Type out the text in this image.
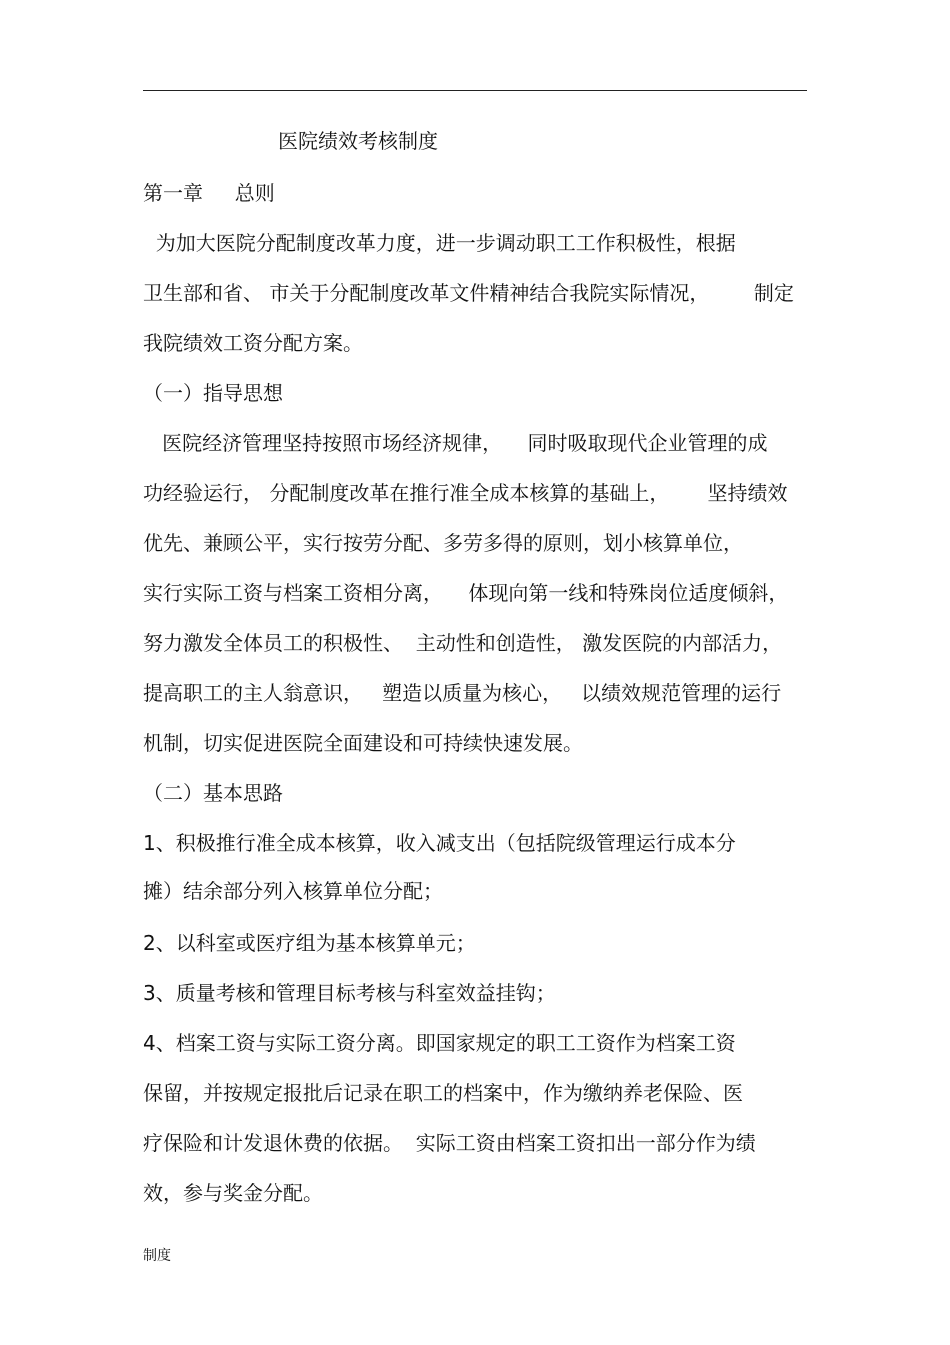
医院绩效考核制度
第一章     总则
为加大医院分配制度改革力度，进一步调动职工工作积极性，根据
卫生部和省、 市关于分配制度改革文件精神结合我院实际情况，       制定
我院绩效工资分配方案。
（一）指导思想
医院经济管理坚持按照市场经济规律，    同时吸取现代企业管理的成
功经验运行， 分配制度改革在推行准全成本核算的基础上，      坚持绩效
优先、兼顾公平，实行按劳分配、多劳多得的原则，划小核算单位，
实行实际工资与档案工资相分离，    体现向第一线和特殊岗位适度倾斜，
努力激发全体员工的积极性、  主动性和创造性， 激发医院的内部活力，
提高职工的主人翁意识，   塑造以质量为核心，   以绩效规范管理的运行
机制，切实促进医院全面建设和可持续快速发展。
（二）基本思路
1、积极推行准全成本核算，收入减支出（包括院级管理运行成本分
摊）结余部分列入核算单位分配；
2、以科室或医疗组为基本核算单元；
3、质量考核和管理目标考核与科室效益挂钩；
4、档案工资与实际工资分离。即国家规定的职工工资作为档案工资
保留，并按规定报批后记录在职工的档案中，作为缴纳养老保险、医
疗保险和计发退休费的依据。  实际工资由档案工资扣出一部分作为绩
效，参与奖金分配。
制度
